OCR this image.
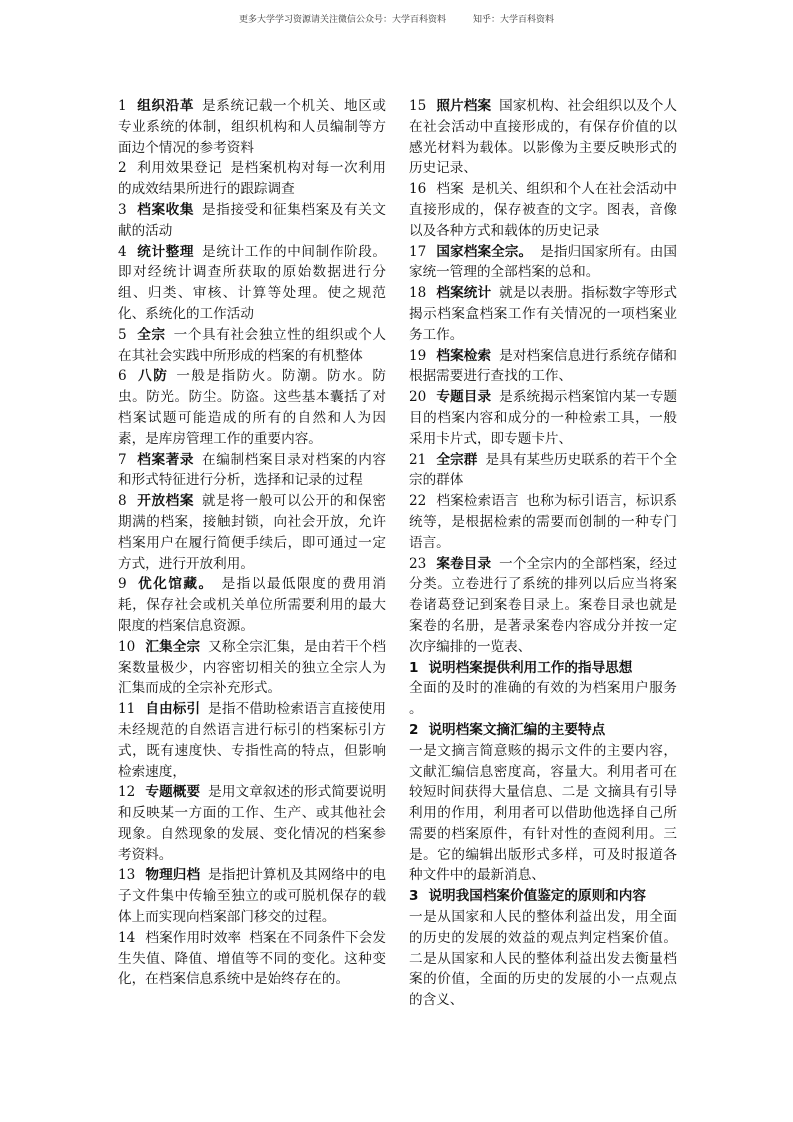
更多大学学习资源请关注微信公众号：大学百科资料	知乎：大学百科资料

1 组织沿革 是系统记载一个机关、地区或专业系统的体制，组织机构和人员编制等方面边个情况的参考资料

2 利用效果登记 是档案机构对每一次利用的成效结果所进行的跟踪调查

3 档案收集 是指接受和征集档案及有关文献的活动

4 统计整理 是统计工作的中间制作阶段。即对经统计调查所获取的原始数据进行分组、归类、审核、计算等处理。使之规范化、系统化的工作活动

5 全宗 一个具有社会独立性的组织或个人在其社会实践中所形成的档案的有机整体

6 八防 一般是指防火。防潮。防水。防虫。防光。防尘。防盗。这些基本囊括了对档案试题可能造成的所有的自然和人为因素，是库房管理工作的重要内容。

7 档案著录 在编制档案目录对档案的内容和形式特征进行分析，选择和记录的过程

8 开放档案 就是将一般可以公开的和保密期满的档案，接触封锁，向社会开放，允许档案用户在履行简便手续后，即可通过一定方式，进行开放利用。

9 优化馆藏。 是指以最低限度的费用消耗，保存社会或机关单位所需要利用的最大限度的档案信息资源。

10 汇集全宗 又称全宗汇集，是由若干个档案数量极少，内容密切相关的独立全宗人为汇集而成的全宗补充形式。

11 自由标引 是指不借助检索语言直接使用未经规范的自然语言进行标引的档案标引方式，既有速度快、专指性高的特点，但影响检索速度，

12 专题概要 是用文章叙述的形式简要说明和反映某一方面的工作、生产、或其他社会现象。自然现象的发展、变化情况的档案参考资料。

13 物理归档 是指把计算机及其网络中的电子文件集中传输至独立的或可脱机保存的载体上而实现向档案部门移交的过程。

14 档案作用时效率 档案在不同条件下会发生失值、降值、增值等不同的变化。这种变化，在档案信息系统中是始终存在的。

15 照片档案 国家机构、社会组织以及个人在社会活动中直接形成的，有保存价值的以感光材料为载体。以影像为主要反映形式的历史记录、

16 档案 是机关、组织和个人在社会活动中直接形成的，保存被查的文字。图表，音像以及各种方式和载体的历史记录

17 国家档案全宗。 是指归国家所有。由国家统一管理的全部档案的总和。

18 档案统计 就是以表册。指标数字等形式揭示档案盒档案工作有关情况的一项档案业务工作。

19 档案检索 是对档案信息进行系统存储和根据需要进行查找的工作、

20 专题目录 是系统揭示档案馆内某一专题目的档案内容和成分的一种检索工具，一般采用卡片式，即专题卡片、

21 全宗群 是具有某些历史联系的若干个全宗的群体

22 档案检索语言 也称为标引语言，标识系统等，是根据检索的需要而创制的一种专门语言。

23 案卷目录 一个全宗内的全部档案，经过分类。立卷进行了系统的排列以后应当将案卷诸葛登记到案卷目录上。案卷目录也就是案卷的名册，是著录案卷内容成分并按一定次序编排的一览表、

1 说明档案提供利用工作的指导思想

全面的及时的准确的有效的为档案用户服务 。

2 说明档案文摘汇编的主要特点

一是文摘言简意赅的揭示文件的主要内容，文献汇编信息密度高，容量大。利用者可在较短时间获得大量信息、二是 文摘具有引导利用的作用，利用者可以借助他选择自己所需要的档案原件，有针对性的查阅利用。三是。它的编辑出版形式多样，可及时报道各种文件中的最新消息、

3 说明我国档案价值鉴定的原则和内容

一是从国家和人民的整体利益出发，用全面的历史的发展的效益的观点判定档案价值。二是从国家和人民的整体利益出发去衡量档案的价值，全面的历史的发展的小一点观点的含义、
